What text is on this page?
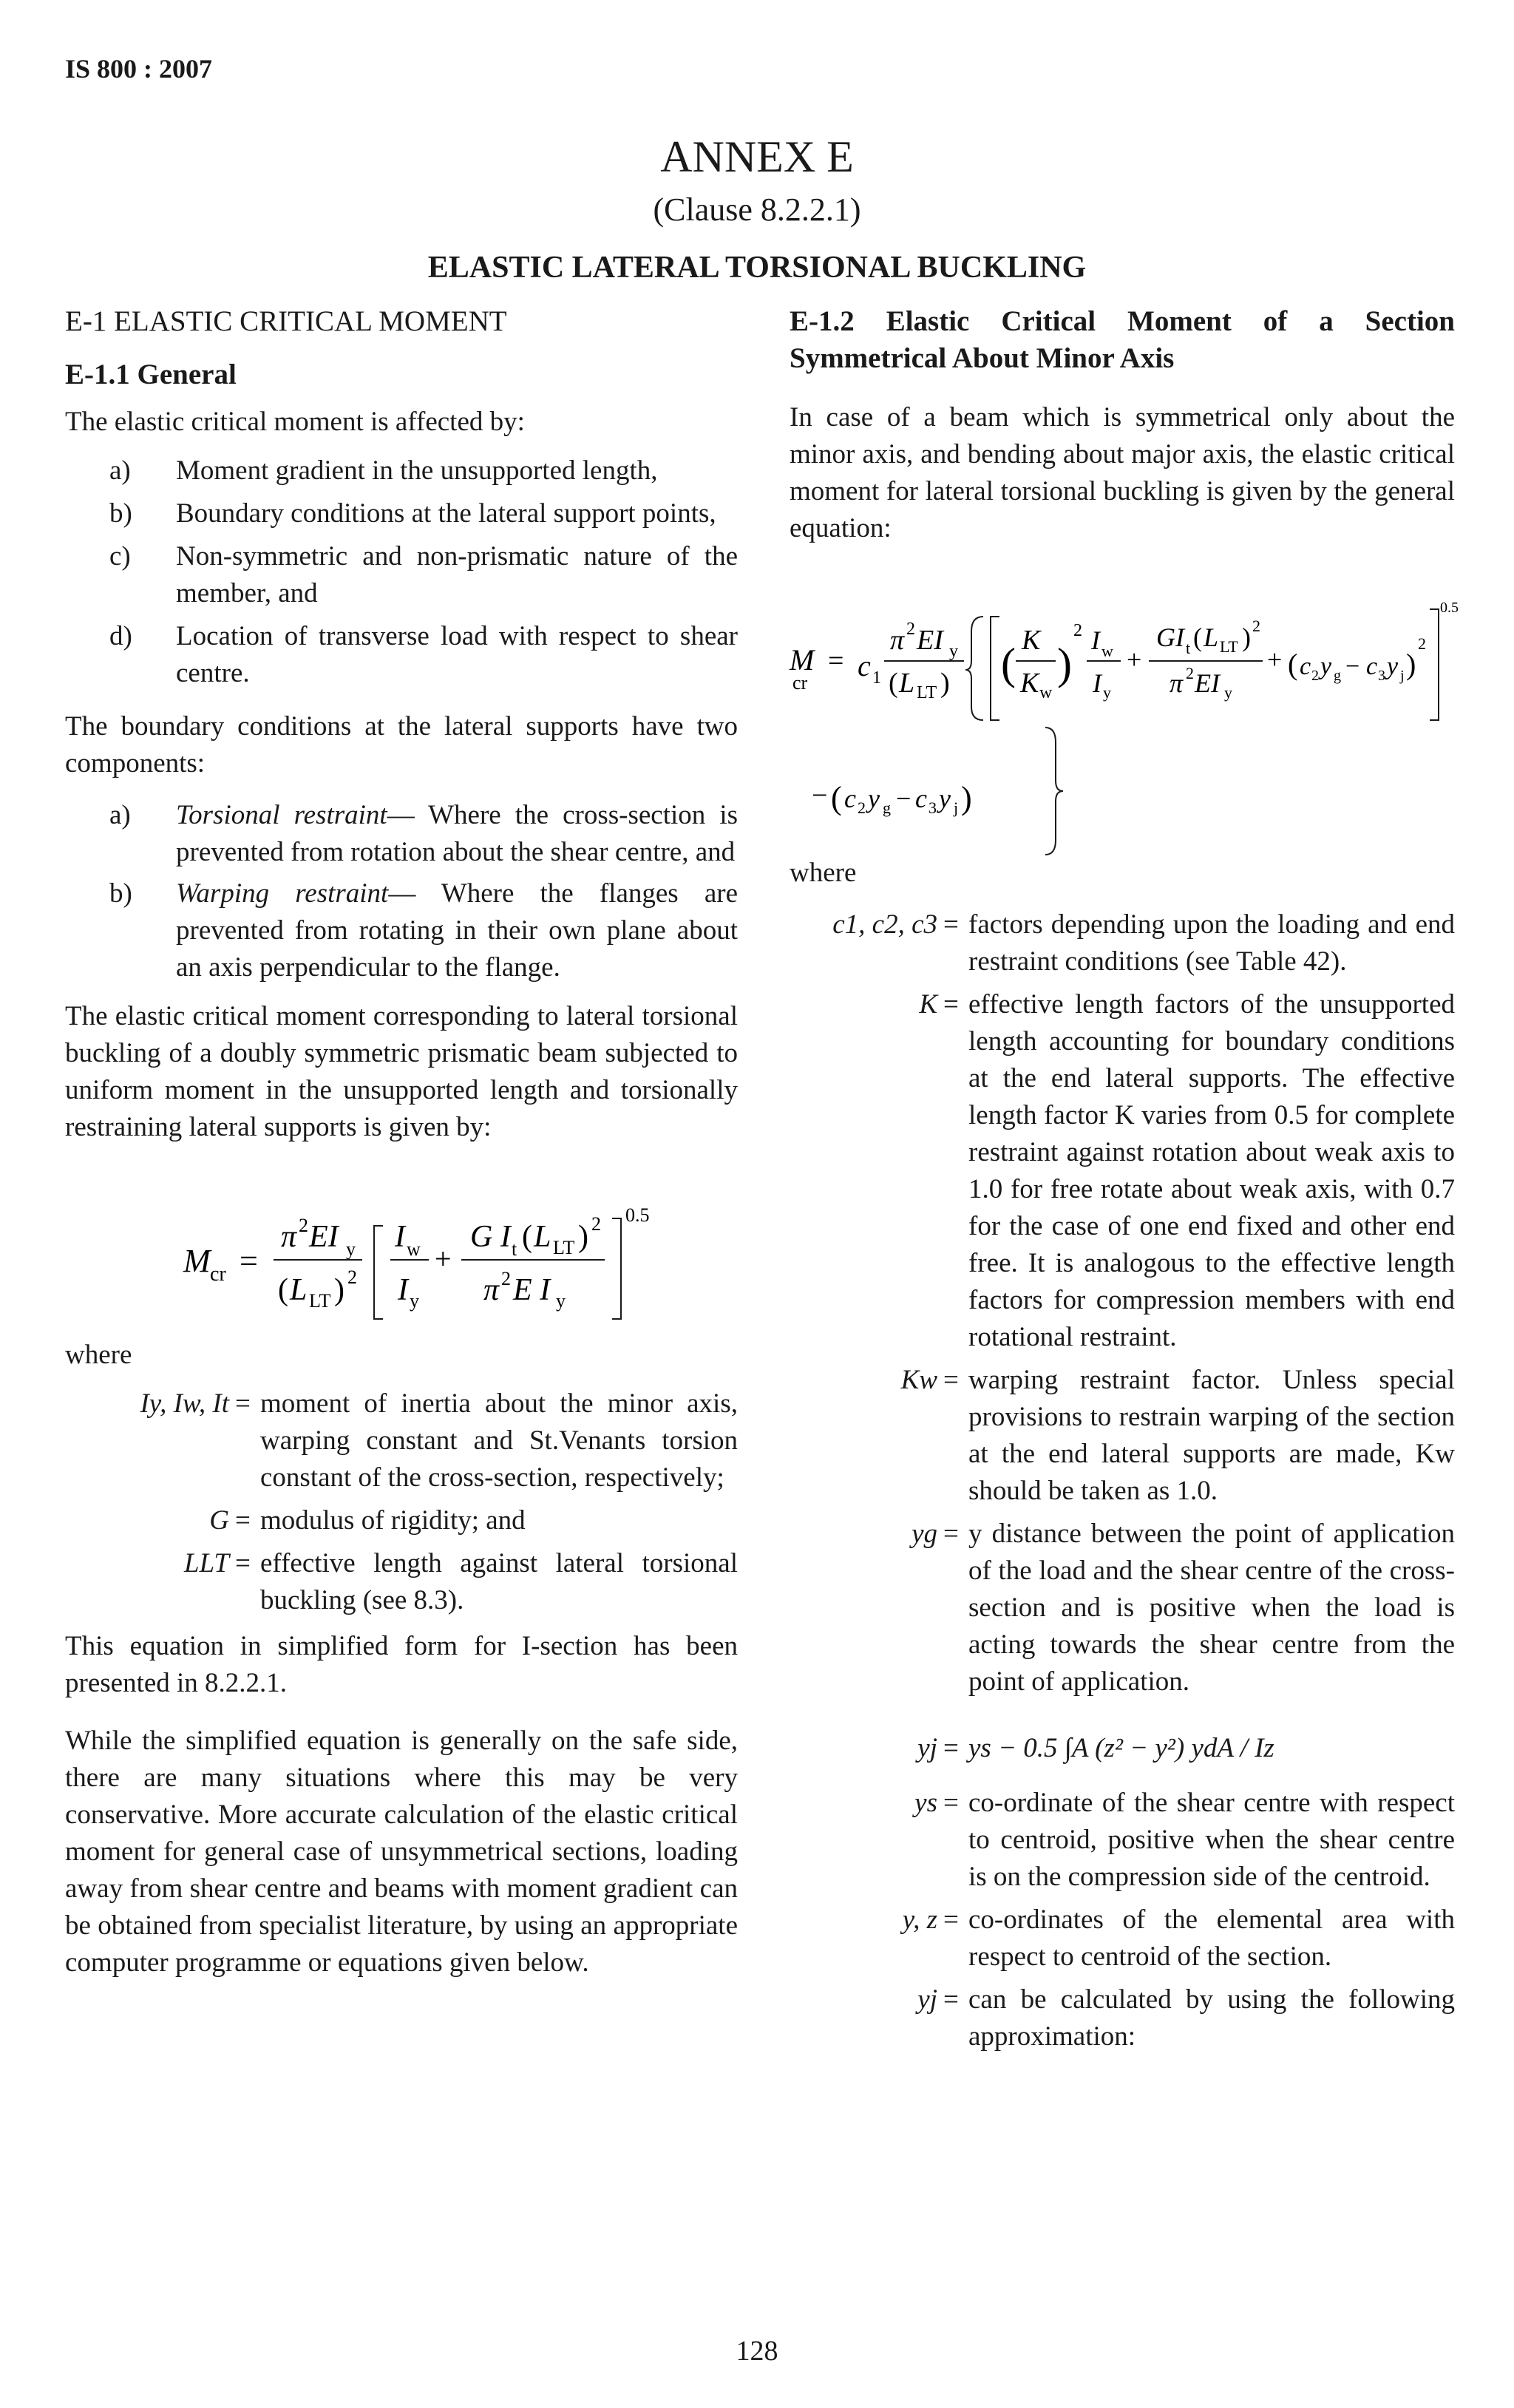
IS 800 : 2007
ANNEX E
(Clause 8.2.2.1)
ELASTIC LATERAL TORSIONAL BUCKLING
E-1 ELASTIC CRITICAL MOMENT
E-1.1 General

The elastic critical moment is affected by:

a) Moment gradient in the unsupported length,
b) Boundary conditions at the lateral support points,
c) Non-symmetric and non-prismatic nature of the member, and
d) Location of transverse load with respect to shear centre.

The boundary conditions at the lateral supports have two components:

a) Torsional restraint— Where the cross-section is prevented from rotation about the shear centre, and
b) Warping restraint— Where the flanges are prevented from rotating in their own plane about an axis perpendicular to the flange.

The elastic critical moment corresponding to lateral torsional buckling of a doubly symmetric prismatic beam subjected to uniform moment in the unsupported length and torsionally restraining lateral supports is given by:

M cr =
π 2 EI y
( L LT ) 2
I w
I y
+
G I t ( L LT ) 2
π 2 E I y
0.5
where
Iy, Iw, It = moment of inertia about the minor axis, warping constant and St.Venants torsion constant of the cross-section, respectively;
G = modulus of rigidity; and
LLT = effective length against lateral torsional buckling (see 8.3).

This equation in simplified form for I-section has been presented in 8.2.2.1.

While the simplified equation is generally on the safe side, there are many situations where this may be very conservative. More accurate calculation of the elastic critical moment for general case of unsymmetrical sections, loading away from shear centre and beams with moment gradient can be obtained from specialist literature, by using an appropriate computer programme or equations given below.

E-1.2 Elastic Critical Moment of a Section Symmetrical About Minor Axis

In case of a beam which is symmetrical only about the minor axis, and bending about major axis, the elastic critical moment for lateral torsional buckling is given by the general equation:

M
cr
= c 1
π 2 EI y
( L LT ) ( K
K w
)
2 I w
I y
+
GI t ( L LT ) 2
π 2 EI y
+ ( c 2 y g − c 3 y j )
2
0.5
− ( c 2 y g − c 3 y j )
where
c1, c2, c3 = factors depending upon the loading and end restraint conditions (see Table 42).
K = effective length factors of the unsupported length accounting for boundary conditions at the end lateral supports. The effective length factor K varies from 0.5 for complete restraint against rotation about weak axis to 1.0 for free rotate about weak axis, with 0.7 for the case of one end fixed and other end free. It is analogous to the effective length factors for compression members with end rotational restraint.
Kw = warping restraint factor. Unless special provisions to restrain warping of the section at the end lateral supports are made, Kw should be taken as 1.0.
yg = y distance between the point of application of the load and the shear centre of the cross-section and is positive when the load is acting towards the shear centre from the point of application.
yj = ys − 0.5 ∫A (z² − y²) ydA / Iz
ys = co-ordinate of the shear centre with respect to centroid, positive when the shear centre is on the compression side of the centroid.
y, z = co-ordinates of the elemental area with respect to centroid of the section.
yj = can be calculated by using the following approximation:
128
